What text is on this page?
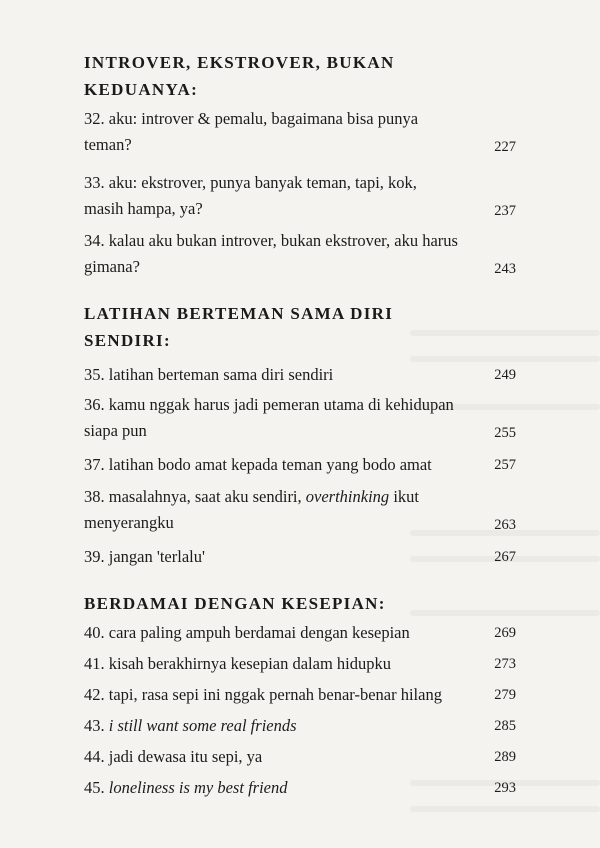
INTROVER, EKSTROVER, BUKAN KEDUANYA:
32. aku: introver & pemalu, bagaimana bisa punya teman?	227
33. aku: ekstrover, punya banyak teman, tapi, kok, masih hampa, ya?	237
34. kalau aku bukan introver, bukan ekstrover, aku harus gimana?	243
LATIHAN BERTEMAN SAMA DIRI SENDIRI:
35. latihan berteman sama diri sendiri	249
36. kamu nggak harus jadi pemeran utama di kehidupan siapa pun	255
37. latihan bodo amat kepada teman yang bodo amat	257
38. masalahnya, saat aku sendiri, overthinking ikut menyerangku	263
39. jangan 'terlalu'	267
BERDAMAI DENGAN KESEPIAN:
40. cara paling ampuh berdamai dengan kesepian	269
41. kisah berakhirnya kesepian dalam hidupku	273
42. tapi, rasa sepi ini nggak pernah benar-benar hilang	279
43. i still want some real friends	285
44. jadi dewasa itu sepi, ya	289
45. loneliness is my best friend	293
